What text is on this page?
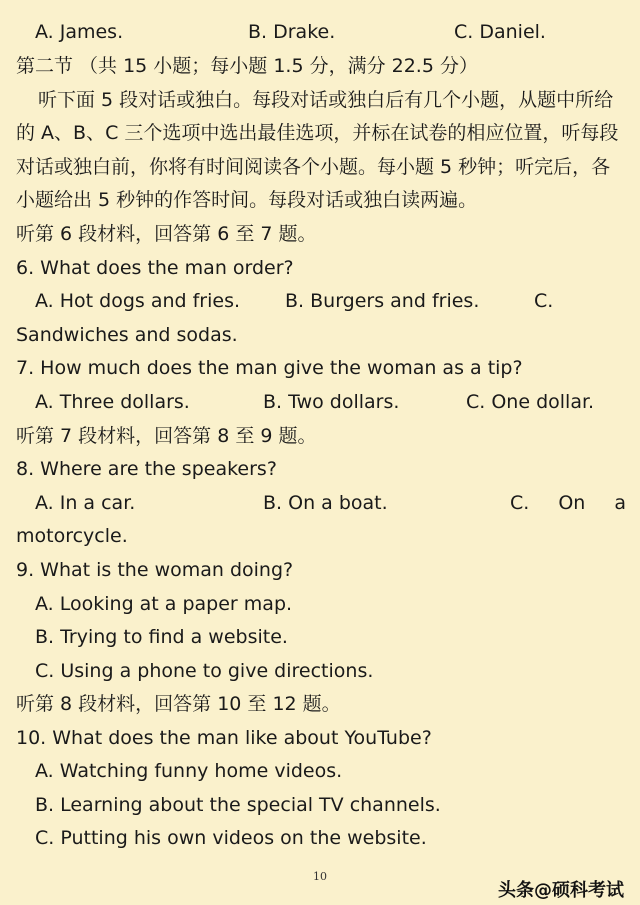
A. James.	B. Drake.	C. Daniel.
第二节 （共 15 小题；每小题 1.5 分，满分 22.5 分）
听下面 5 段对话或独白。每段对话或独白后有几个小题，从题中所给
的 A、B、C 三个选项中选出最佳选项，并标在试卷的相应位置，听每段
对话或独白前，你将有时间阅读各个小题。每小题 5 秒钟；听完后，各
小题给出 5 秒钟的作答时间。每段对话或独白读两遍。
听第 6 段材料，回答第 6 至 7 题。
6. What does the man order?
A. Hot dogs and fries. B. Burgers and fries.	C.
Sandwiches and sodas.
7. How much does the man give the woman as a tip?
A. Three dollars.	B. Two dollars.	C. One dollar.
听第 7 段材料，回答第 8 至 9 题。
8. Where are the speakers?
A. In a car.	B. On a boat.	C. On a
motorcycle.
9. What is the woman doing?
A. Looking at a paper map.
B. Trying to find a website.
C. Using a phone to give directions.
听第 8 段材料，回答第 10 至 12 题。
10. What does the man like about YouTube?
A. Watching funny home videos.
B. Learning about the special TV channels.
C. Putting his own videos on the website.
10
头条@硕科考试
